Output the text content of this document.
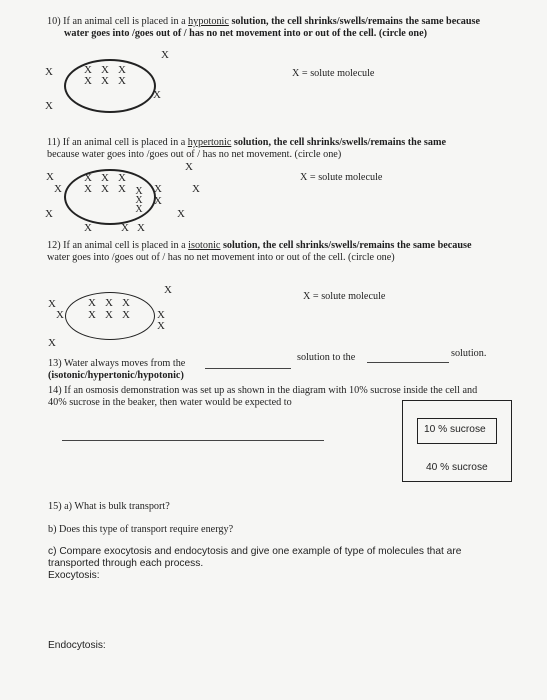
10) If an animal cell is placed in a hypotonic solution, the cell shrinks/swells/remains the same because
water goes into /goes out of / has no net movement into or out of the cell. (circle one)
X
X	X X X
X X X
X
X
X = solute molecule
11) If an animal cell is placed in a hypertonic solution, the cell shrinks/swells/remains the same
because water goes into /goes out of / has no net movement. (circle one)
X
X	X X X
X X X X	X	X
X
X	X
X	X X
X
X
X
X = solute molecule
12) If an animal cell is placed in a isotonic solution, the cell shrinks/swells/remains the same because
water goes into /goes out of / has no net movement into or out of the cell. (circle one)
X
X	X X X
X X X X X
X
X
X = solute molecule
13) Water always moves from the
solution to the	solution.
(isotonic/hypertonic/hypotonic)
14) If an osmosis demonstration was set up as shown in the diagram with 10% sucrose inside the cell and
40% sucrose in the beaker, then water would be expected to
10 % sucrose
40 % sucrose
15) a) What is bulk transport?
b) Does this type of transport require energy?
c) Compare exocytosis and endocytosis and give one example of type of molecules that are
transported through each process.
Exocytosis:
Endocytosis:
